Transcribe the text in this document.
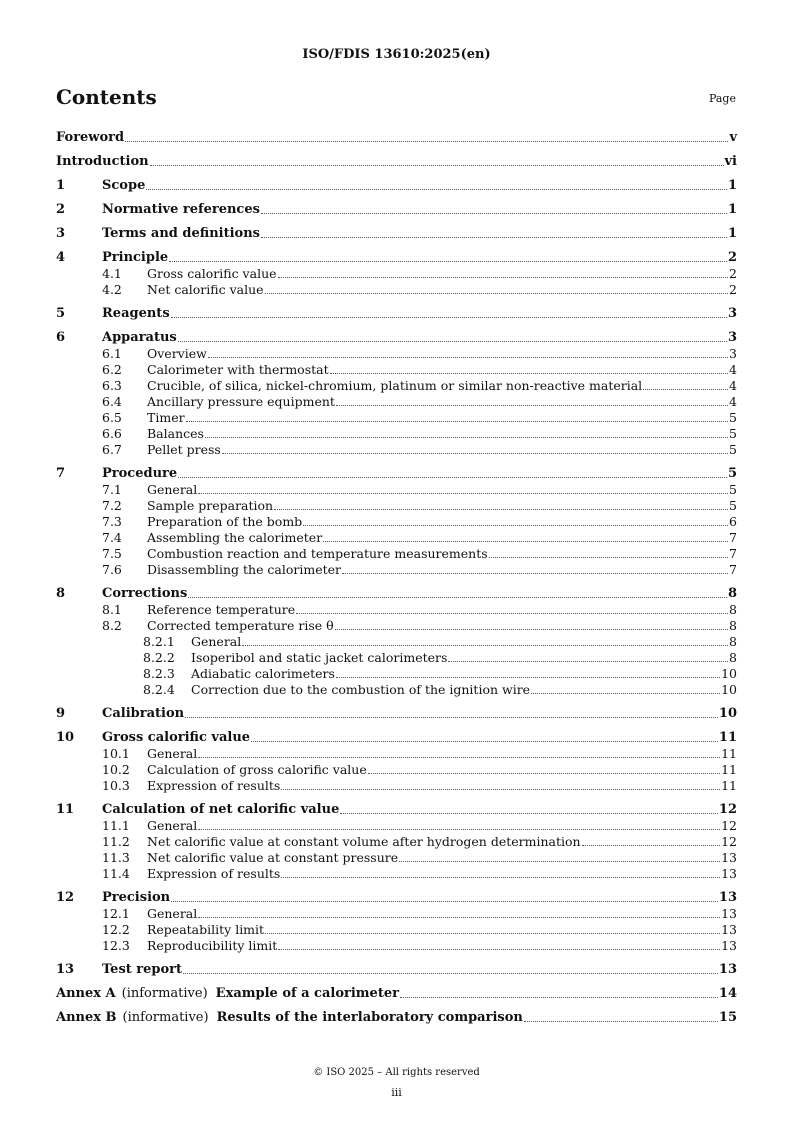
ISO/FDIS 13610:2025(en)
Contents	Page
Foreword	v
Introduction	vi
1	Scope	1
2	Normative references	1
3	Terms and definitions	1
4	Principle	2
4.1	Gross calorific value	2
4.2	Net calorific value	2
5	Reagents	3
6	Apparatus	3
6.1	Overview	3
6.2	Calorimeter with thermostat	4
6.3	Crucible, of silica, nickel-chromium, platinum or similar non-reactive material	4
6.4	Ancillary pressure equipment	4
6.5	Timer	5
6.6	Balances	5
6.7	Pellet press	5
7	Procedure	5
7.1	General	5
7.2	Sample preparation	5
7.3	Preparation of the bomb	6
7.4	Assembling the calorimeter	7
7.5	Combustion reaction and temperature measurements	7
7.6	Disassembling the calorimeter	7
8	Corrections	8
8.1	Reference temperature	8
8.2	Corrected temperature rise θ	8
8.2.1	General	8
8.2.2	Isoperibol and static jacket calorimeters	8
8.2.3	Adiabatic calorimeters	10
8.2.4	Correction due to the combustion of the ignition wire	10
9	Calibration	10
10	Gross calorific value	11
10.1	General	11
10.2	Calculation of gross calorific value	11
10.3	Expression of results	11
11	Calculation of net calorific value	12
11.1	General	12
11.2	Net calorific value at constant volume after hydrogen determination	12
11.3	Net calorific value at constant pressure	13
11.4	Expression of results	13
12	Precision	13
12.1	General	13
12.2	Repeatability limit	13
12.3	Reproducibility limit	13
13	Test report	13
Annex A (informative) Example of a calorimeter	14
Annex B (informative) Results of the interlaboratory comparison	15
© ISO 2025 – All rights reserved
iii
